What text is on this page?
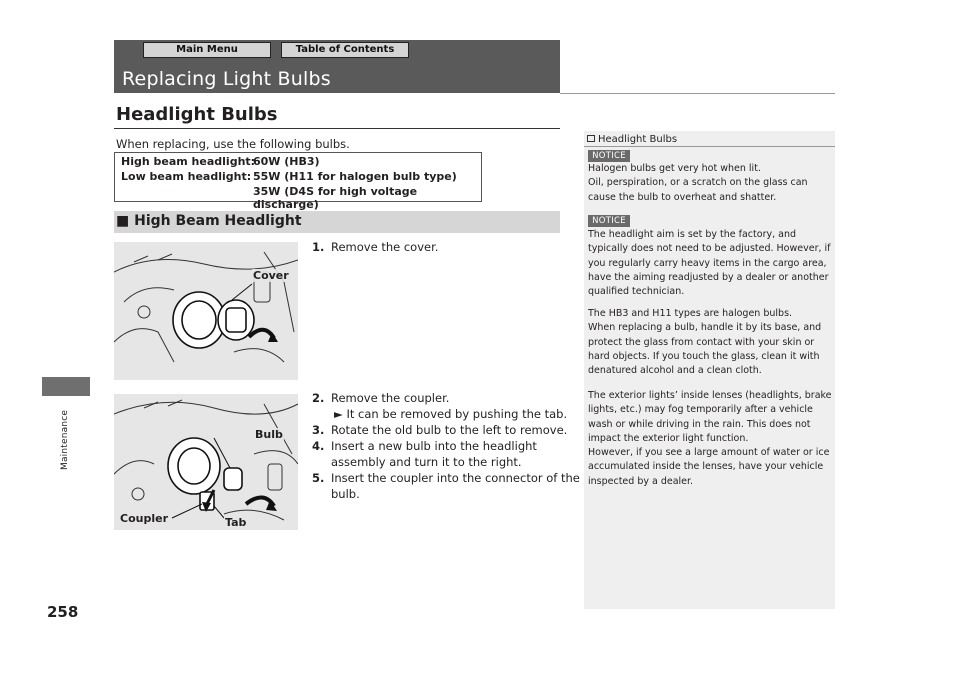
Maintenance
258
Main Menu	Table of Contents
Replacing Light Bulbs
Headlight Bulbs
When replacing, use the following bulbs.
High beam headlight:
60W (HB3)
Low beam headlight: 55W (H11 for halogen bulb type)
35W (D4S for high voltage discharge)
■ High Beam Headlight
Cover
Bulb
Coupler	Tab
1. Remove the cover.
2. Remove the coupler.
► It can be removed by pushing the tab.
3. Rotate the old bulb to the left to remove.
4. Insert a new bulb into the headlight
assembly and turn it to the right.
5. Insert the coupler into the connector of the
bulb.
Headlight Bulbs
NOTICE
Halogen bulbs get very hot when lit.
Oil, perspiration, or a scratch on the glass can
cause the bulb to overheat and shatter.
NOTICE
The headlight aim is set by the factory, and
typically does not need to be adjusted. However, if
you regularly carry heavy items in the cargo area,
have the aiming readjusted by a dealer or another
qualified technician.
The HB3 and H11 types are halogen bulbs.
When replacing a bulb, handle it by its base, and
protect the glass from contact with your skin or
hard objects. If you touch the glass, clean it with
denatured alcohol and a clean cloth.
The exterior lights’ inside lenses (headlights, brake
lights, etc.) may fog temporarily after a vehicle
wash or while driving in the rain. This does not
impact the exterior light function.
However, if you see a large amount of water or ice
accumulated inside the lenses, have your vehicle
inspected by a dealer.
